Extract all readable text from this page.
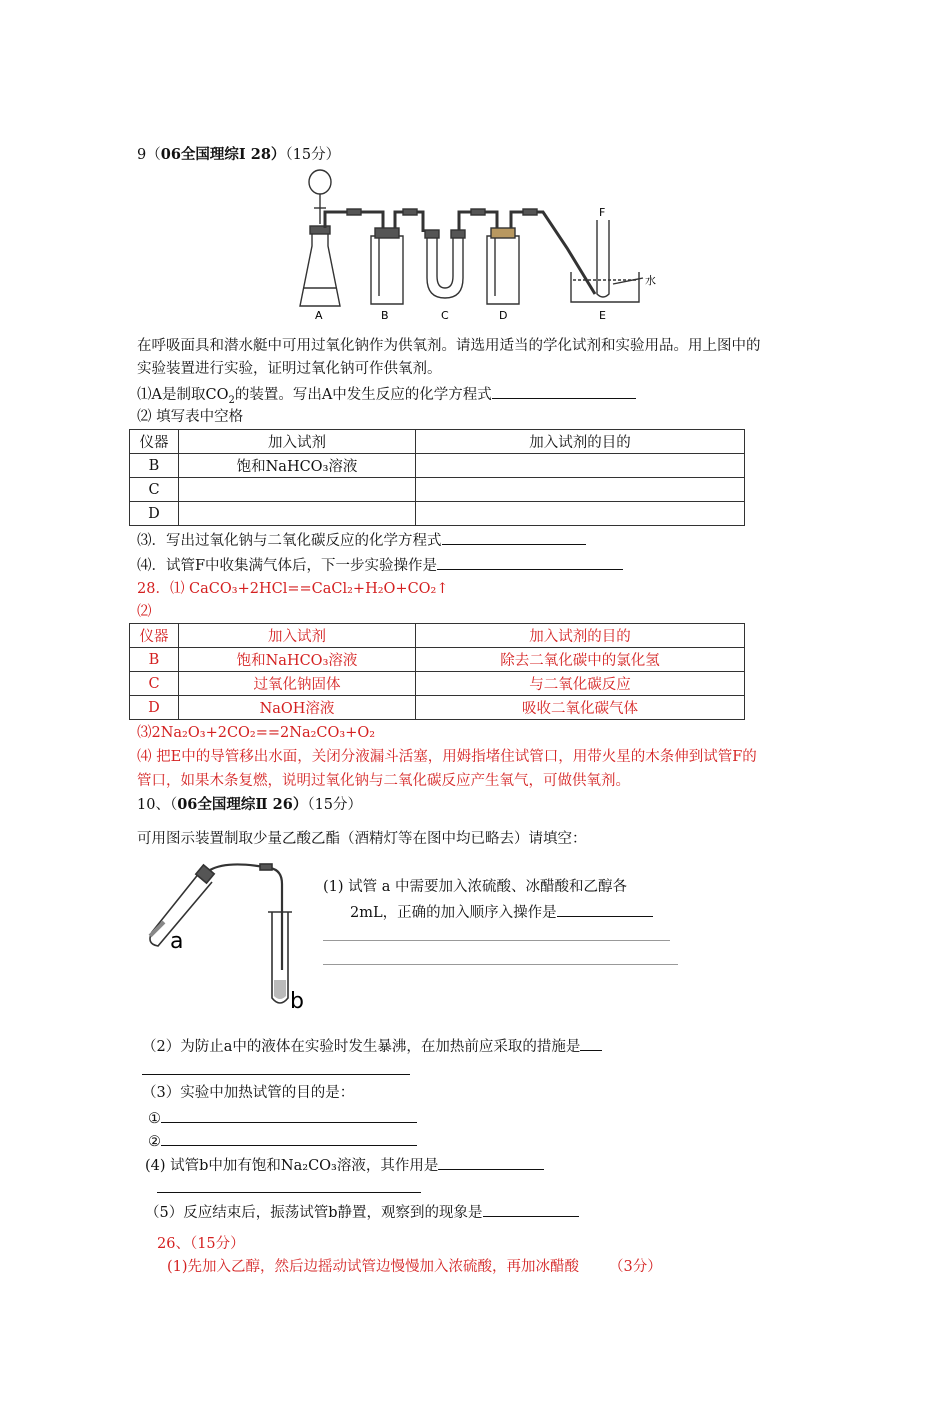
9（06全国理综Ⅰ 28）（15分）
A	B	C	D	E
F
水
在呼吸面具和潜水艇中可用过氧化钠作为供氧剂。请选用适当的学化试剂和实验用品。用上图中的
实验装置进行实验，证明过氧化钠可作供氧剂。
⑴A是制取$CO_2$的装置。写出A中发生反应的化学方程式
⑵ 填写表中空格
仪器	加入试剂	加入试剂的目的
B	饱和NaHCO₃溶液	
C		
D		
⑶．写出过氧化钠与二氧化碳反应的化学方程式
⑷．试管F中收集满气体后，下一步实验操作是
28．⑴ CaCO₃+2HCl==CaCl₂+H₂O+CO₂↑
⑵
仪器	加入试剂	加入试剂的目的
B	饱和NaHCO₃溶液	除去二氧化碳中的氯化氢
C	过氧化钠固体	与二氧化碳反应
D	NaOH溶液	吸收二氧化碳气体
⑶2Na₂O₃+2CO₂==2Na₂CO₃+O₂
⑷ 把E中的导管移出水面，关闭分液漏斗活塞，用姆指堵住试管口，用带火星的木条伸到试管F的
管口，如果木条复燃，说明过氧化钠与二氧化碳反应产生氧气，可做供氧剂。
10、（06全国理综Ⅱ 26）（15分）
可用图示装置制取少量乙酸乙酯（酒精灯等在图中均已略去）请填空：
a
b
(1) 试管 a 中需要加入浓硫酸、冰醋酸和乙醇各
2mL，正确的加入顺序入操作是
（2）为防止a中的液体在实验时发生暴沸，在加热前应采取的措施是
（3）实验中加热试管的目的是：
①
②
(4) 试管b中加有饱和Na₂CO₃溶液，其作用是
（5）反应结束后，振荡试管b静置，观察到的现象是
26、（15分）
(1)先加入乙醇，然后边摇动试管边慢慢加入浓硫酸，再加冰醋酸 （3分）
